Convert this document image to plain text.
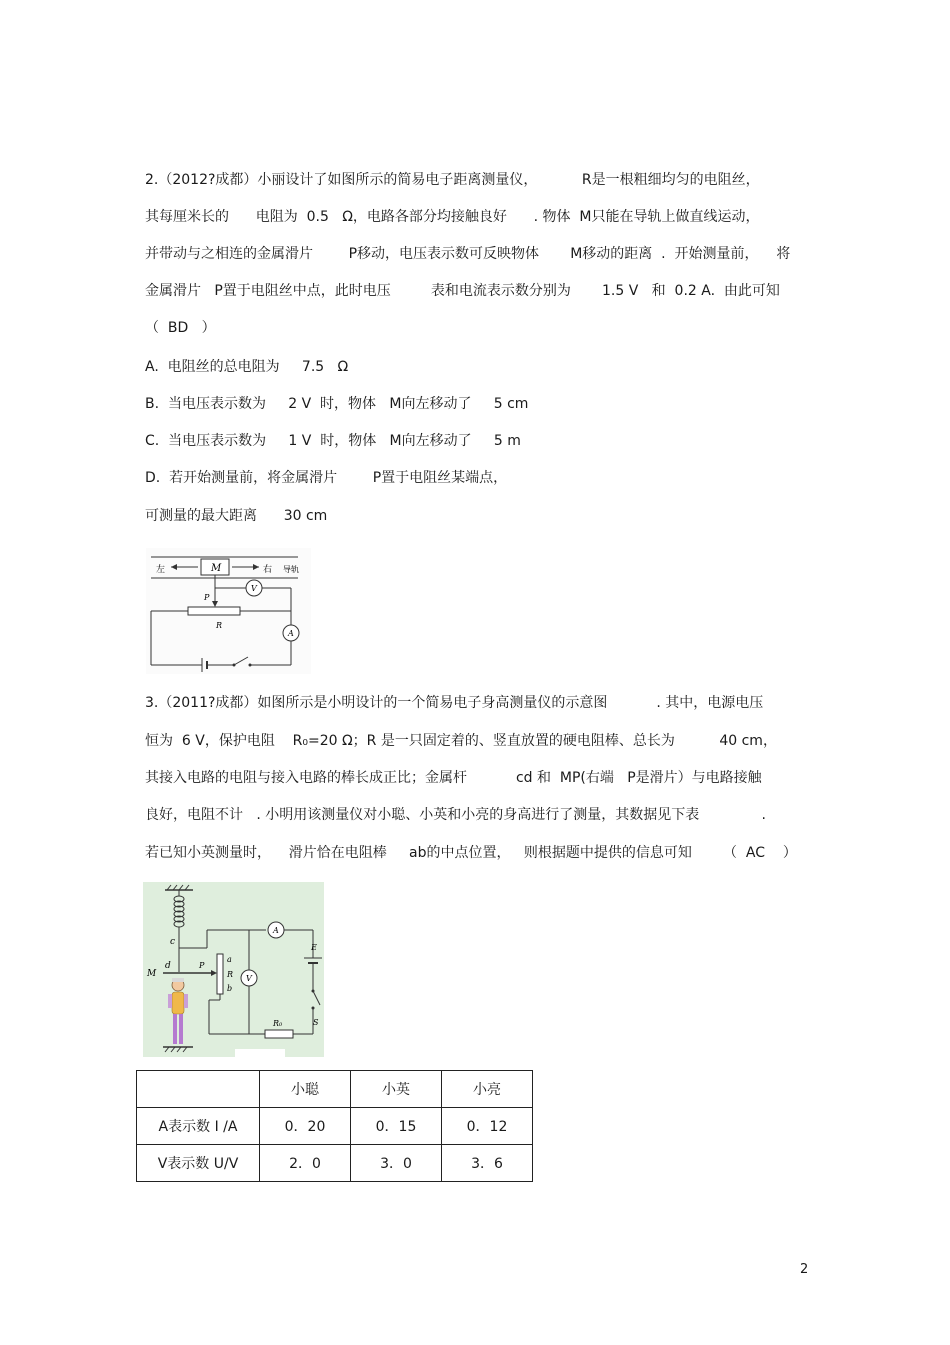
2.（2012?成都）小丽设计了如图所示的简易电子距离测量仪，          R是一根粗细均匀的电阻丝，
其每厘米长的      电阻为  0.5   Ω，电路各部分均接触良好      . 物体  M只能在导轨上做直线运动，
并带动与之相连的金属滑片        P移动，电压表示数可反映物体       M移动的距离  .  开始测量前，    将
金属滑片   P置于电阻丝中点，此时电压         表和电流表示数分别为       1.5 V   和  0.2 A.  由此可知
（  BD   ）
A.  电阻丝的总电阻为     7.5   Ω
B.  当电压表示数为     2 V  时，物体   M向左移动了     5 cm
C.  当电压表示数为     1 V  时，物体   M向左移动了     5 m
D.  若开始测量前，将金属滑片        P置于电阻丝某端点，
可测量的最大距离      30 cm
左	M	右 导轨
P
V
R
A
3.（2011?成都）如图所示是小明设计的一个简易电子身高测量仪的示意图           . 其中，电源电压
恒为  6 V，保护电阻    R₀=20 Ω；R 是一只固定着的、竖直放置的硬电阻棒、总长为          40 cm，
其接入电路的电阻与接入电路的棒长成正比；金属杆           cd 和  MP(右端   P是滑片）与电路接触
良好，电阻不计   . 小明用该测量仪对小聪、小英和小亮的身高进行了测量，其数据见下表              .
若已知小英测量时，    滑片恰在电阻棒     ab的中点位置，   则根据题中提供的信息可知       （  AC    ）
c
M
d	P
a
R
b
A
V
E
S
R₀
	小聪	小英	小亮
A表示数 I /A	0．20	0．15	0．12
V表示数 U/V	2．0	3．0	3．6
2
